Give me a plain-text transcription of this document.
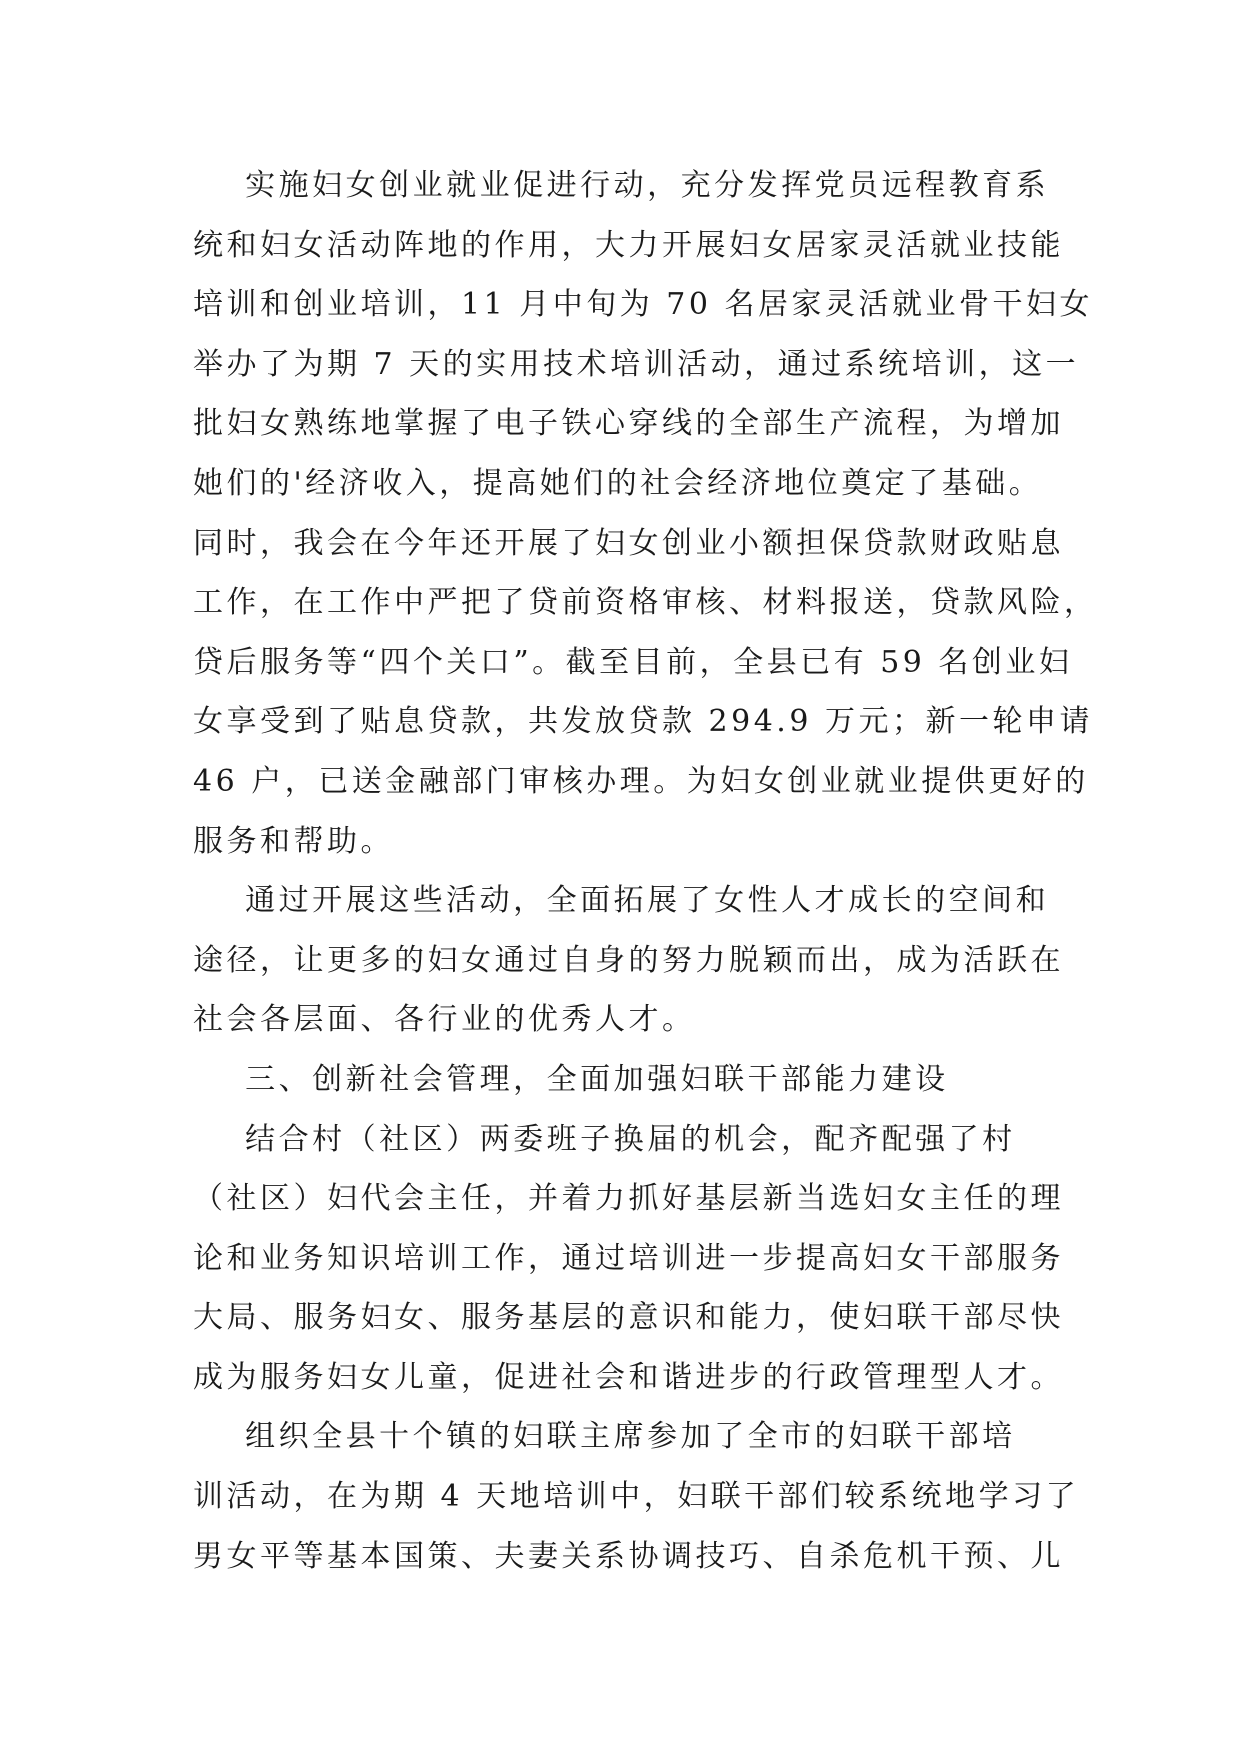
实施妇女创业就业促进行动，充分发挥党员远程教育系
统和妇女活动阵地的作用，大力开展妇女居家灵活就业技能
培训和创业培训，11 月中旬为 70 名居家灵活就业骨干妇女
举办了为期 7 天的实用技术培训活动，通过系统培训，这一
批妇女熟练地掌握了电子铁心穿线的全部生产流程，为增加
她们的'经济收入，提高她们的社会经济地位奠定了基础。
同时，我会在今年还开展了妇女创业小额担保贷款财政贴息
工作，在工作中严把了贷前资格审核、材料报送，贷款风险，
贷后服务等“四个关口”。截至目前，全县已有 59 名创业妇
女享受到了贴息贷款，共发放贷款 294.9 万元；新一轮申请
46 户，已送金融部门审核办理。为妇女创业就业提供更好的
服务和帮助。
通过开展这些活动，全面拓展了女性人才成长的空间和
途径，让更多的妇女通过自身的努力脱颖而出，成为活跃在
社会各层面、各行业的优秀人才。
三、创新社会管理，全面加强妇联干部能力建设
结合村（社区）两委班子换届的机会，配齐配强了村
（社区）妇代会主任，并着力抓好基层新当选妇女主任的理
论和业务知识培训工作，通过培训进一步提高妇女干部服务
大局、服务妇女、服务基层的意识和能力，使妇联干部尽快
成为服务妇女儿童，促进社会和谐进步的行政管理型人才。
组织全县十个镇的妇联主席参加了全市的妇联干部培
训活动，在为期 4 天地培训中，妇联干部们较系统地学习了
男女平等基本国策、夫妻关系协调技巧、自杀危机干预、儿
